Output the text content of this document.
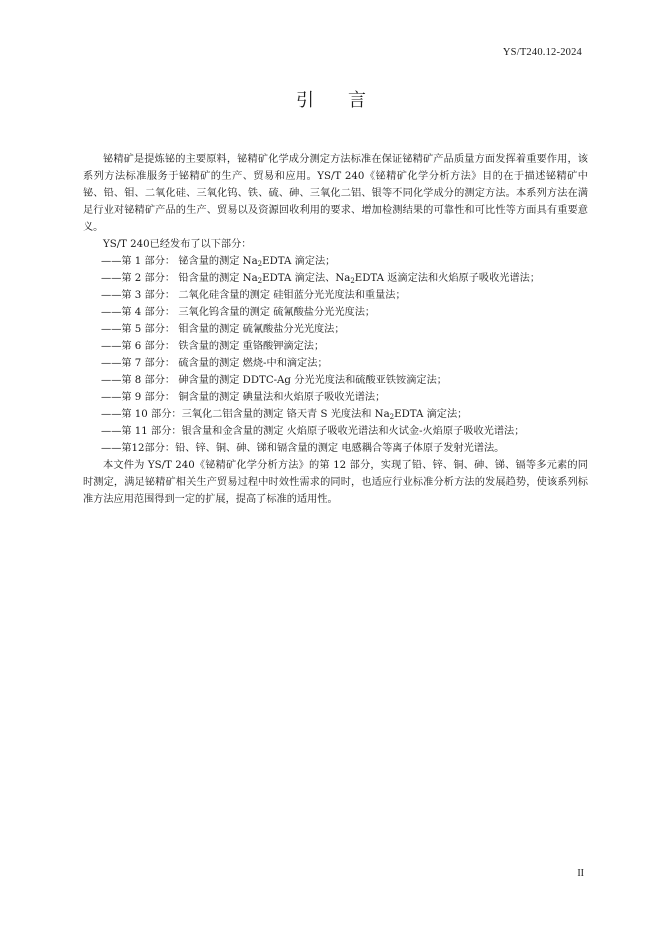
YS/T240.12-2024
引言

铋精矿是提炼铋的主要原料，铋精矿化学成分测定方法标准在保证铋精矿产品质量方面发挥着重要作用，该系列方法标准服务于铋精矿的生产、贸易和应用。YS/T 240《铋精矿化学分析方法》目的在于描述铋精矿中铋、铅、钼、二氧化硅、三氧化钨、铁、硫、砷、三氧化二铝、银等不同化学成分的测定方法。本系列方法在满足行业对铋精矿产品的生产、贸易以及资源回收利用的要求、增加检测结果的可靠性和可比性等方面具有重要意义。

YS/T 240已经发布了以下部分：

——第 1 部分： 铋含量的测定 $Na_2EDTA$ 滴定法；
——第 2 部分： 铅含量的测定 $Na_2EDTA$ 滴定法、$Na_2EDTA$ 返滴定法和火焰原子吸收光谱法；
——第 3 部分： 二氧化硅含量的测定 硅钼蓝分光光度法和重量法；
——第 4 部分： 三氧化钨含量的测定 硫氰酸盐分光光度法；
——第 5 部分： 钼含量的测定 硫氰酸盐分光光度法；
——第 6 部分： 铁含量的测定 重铬酸钾滴定法；
——第 7 部分： 硫含量的测定 燃烧-中和滴定法；
——第 8 部分： 砷含量的测定 DDTC-Ag 分光光度法和硫酸亚铁铵滴定法；
——第 9 部分： 铜含量的测定 碘量法和火焰原子吸收光谱法；
——第 10 部分：三氧化二铝含量的测定 铬天青 S 光度法和 $Na_2EDTA$ 滴定法；
——第 11 部分：银含量和金含量的测定 火焰原子吸收光谱法和火试金-火焰原子吸收光谱法；
——第12部分：铅、锌、铜、砷、锑和镉含量的测定 电感耦合等离子体原子发射光谱法。

本文件为 YS/T 240《铋精矿化学分析方法》的第 12 部分，实现了铅、锌、铜、砷、锑、镉等多元素的同时测定，满足铋精矿相关生产贸易过程中时效性需求的同时，也适应行业标准分析方法的发展趋势，使该系列标准方法应用范围得到一定的扩展，提高了标准的适用性。

II
